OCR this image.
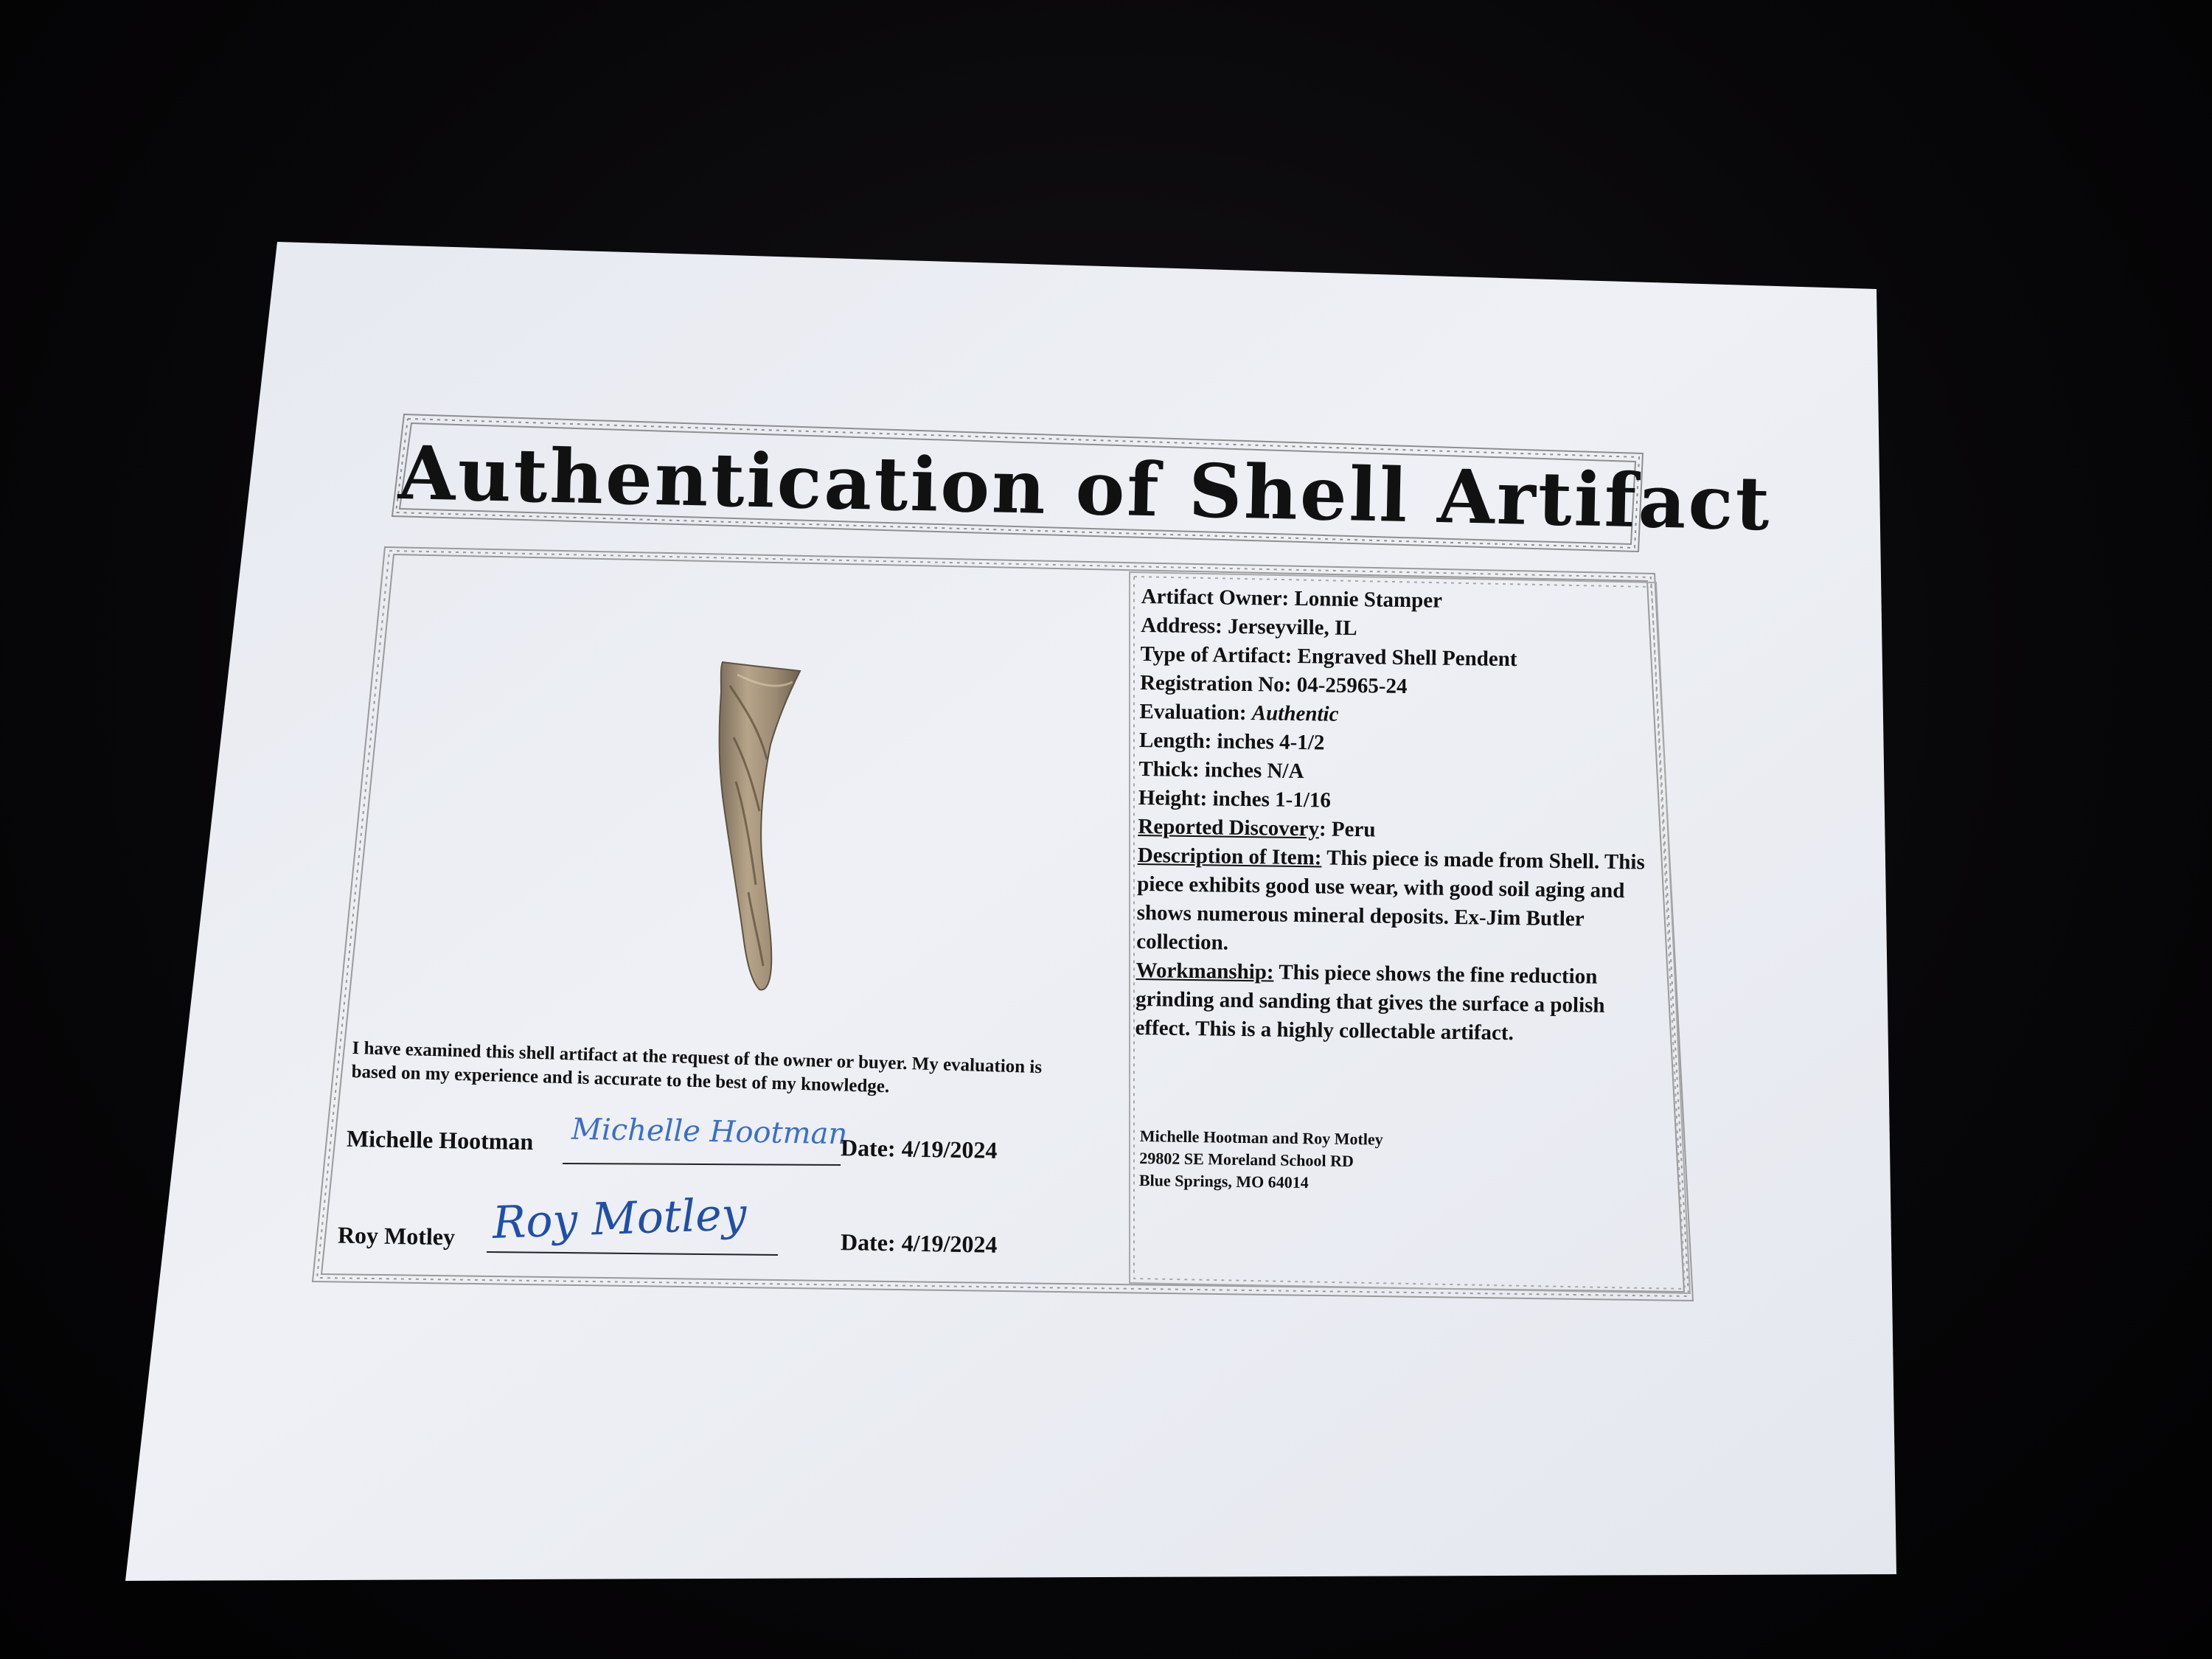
Authentication of Shell Artifact
Artifact Owner: Lonnie Stamper
Address: Jerseyville, IL
Type of Artifact: Engraved Shell Pendent
Registration No: 04-25965-24
Evaluation: Authentic
Length: inches 4-1/2
Thick: inches N/A
Height: inches 1-1/16
Reported Discovery: Peru
Description of Item: This piece is made from Shell. This piece exhibits good use wear, with good soil aging and shows numerous mineral deposits. Ex-Jim Butler collection.
Workmanship: This piece shows the fine reduction grinding and sanding that gives the surface a polish effect. This is a highly collectable artifact.
I have examined this shell artifact at the request of the owner or buyer. My evaluation is based on my experience and is accurate to the best of my knowledge.
Michelle Hootman Michelle Hootman
Date: 4/19/2024
Roy Motley Roy Motley	Date: 4/19/2024
Michelle Hootman and Roy Motley
29802 SE Moreland School RD
Blue Springs, MO 64014
